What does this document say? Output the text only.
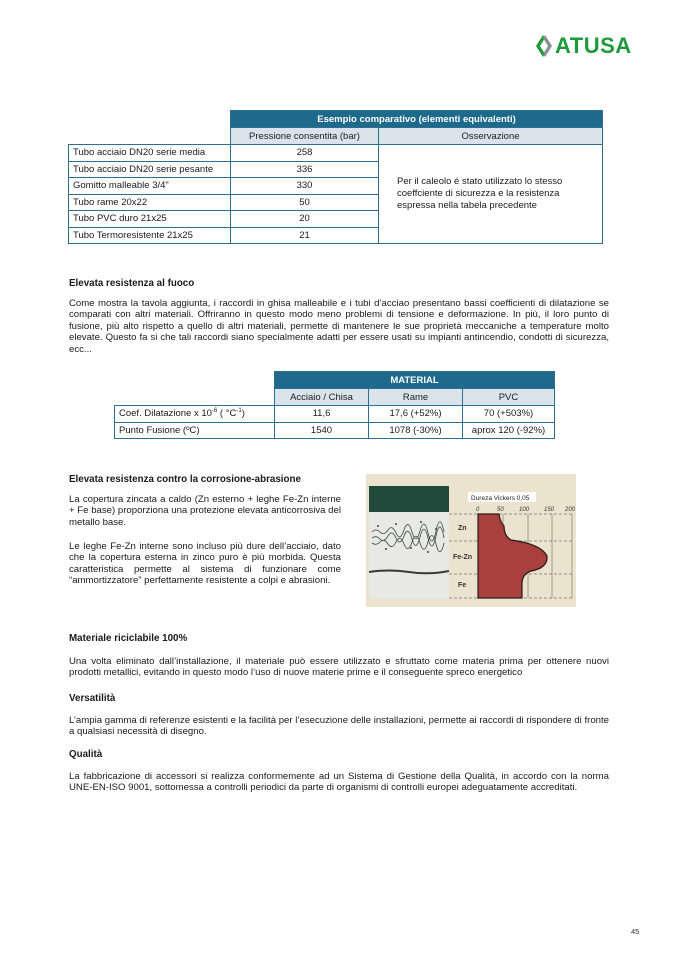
ATUSA
	Esempio comparativo (elementi equivalenti)	
	Pressione consentita (bar)	Osservazione
Tubo acciaio DN20 serie media	258	Per il caleolo é stato utilizzato lo stesso coeffciente di sicurezza e la resistenza espressa nella tabela precedente
Tubo acciaio DN20 serie pesante	336	
Gomitto malleable 3/4"	330	
Tubo rame 20x22	50	
Tubo PVC duro 21x25	20	
Tubo Termoresistente 21x25	21	
Elevata resistenza al fuoco

Come mostra la tavola aggiunta, i raccordi in ghisa malleabile e i tubi d’acciao presentano bassi coefficienti di dilatazione se comparati con altri materiali. Offriranno in questo modo meno problemi di tensione e deformazione. In più, il loro punto di fusione, più alto rispetto a quello di altri materiali, permette di mantenere le sue proprietà meccaniche a temperature molto elevate. Questo fa si che tali raccordi siano specialmente adatti per essere usati su impianti antincendio, condotti di sicurezza, ecc...

	MATERIAL		
	Acciaio / Chisa	Rame	PVC
Coef. Dilatazione x $10^{-6}$ ( $^\circ C^{-1}$)	11,6	17,6 (+52%)	70 (+503%)
Punto Fusione (ºC)	1540	1078 (-30%)	aprox 120 (-92%)
Elevata resistenza contro la corrosione-abrasione

La copertura zincata a caldo (Zn esterno + leghe Fe-Zn interne + Fe base) proporziona una protezione elevata anticorrosiva del metallo base.

Le leghe Fe-Zn interne sono incluso più dure dell’acciaio, dato che la copertura esterna in zinco puro è più morbida. Questa caratteristica permette al sistema di funzionare come “ammortizzatore” perfettamente resistente a colpi e abrasioni.

Dureza Vickers 0,05
0	50	100 150 200
Zn
Fe-Zn
Fe
Materiale riciclabile 100%

Una volta eliminato dall’installazione, il materiale può essere utilizzato e sfruttato come materia prima per ottenere nuovi prodotti metallici, evitando in questo modo l’uso di nuove materie prime e il conseguente spreco energetico

Versatilità

L’ampia gamma di referenze esistenti e la facilità per l’esecuzione delle installazioni, permette ai raccordi di rispondere di fronte a qualsiasi necessità di disegno.

Qualità

La fabbricazione di accessori si realizza conformemente ad un Sistema di Gestione della Qualità, in accordo con la norma UNE-EN-ISO 9001, sottomessa a controlli periodici da parte di organismi di controlli europei adeguatamente accreditati.

45
